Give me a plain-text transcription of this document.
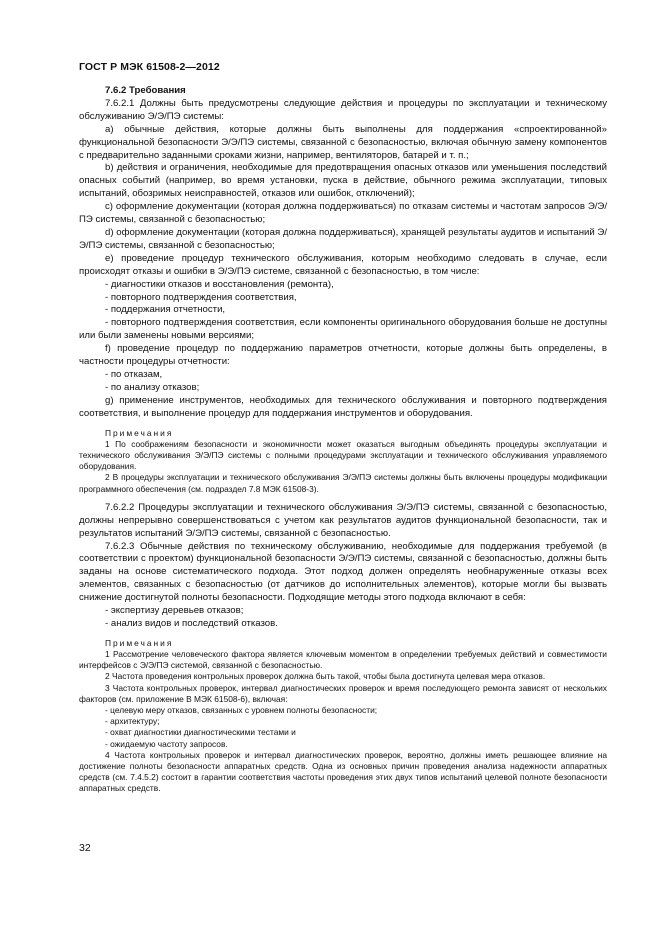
ГОСТ Р МЭК 61508-2—2012

7.6.2 Требования

7.6.2.1 Должны быть предусмотрены следующие действия и процедуры по эксплуатации и техническому обслуживанию Э/Э/ПЭ системы:

a) обычные действия, которые должны быть выполнены для поддержания «спроектированной» функциональной безопасности Э/Э/ПЭ системы, связанной с безопасностью, включая обычную замену компонентов с предварительно заданными сроками жизни, например, вентиляторов, батарей и т. п.;

b) действия и ограничения, необходимые для предотвращения опасных отказов или уменьшения последствий опасных событий (например, во время установки, пуска в действие, обычного режима эксплуатации, типовых испытаний, обозримых неисправностей, отказов или ошибок, отключений);

c) оформление документации (которая должна поддерживаться) по отказам системы и частотам запросов Э/Э/ПЭ системы, связанной с безопасностью;

d) оформление документации (которая должна поддерживаться), хранящей результаты аудитов и испытаний Э/Э/ПЭ системы, связанной с безопасностью;

e) проведение процедур технического обслуживания, которым необходимо следовать в случае, если происходят отказы и ошибки в Э/Э/ПЭ системе, связанной с безопасностью, в том числе:

- диагностики отказов и восстановления (ремонта),

- повторного подтверждения соответствия,

- поддержания отчетности,

- повторного подтверждения соответствия, если компоненты оригинального оборудования больше не доступны или были заменены новыми версиями;

f) проведение процедур по поддержанию параметров отчетности, которые должны быть определены, в частности процедуры отчетности:

- по отказам,

- по анализу отказов;

g) применение инструментов, необходимых для технического обслуживания и повторного подтверждения соответствия, и выполнение процедур для поддержания инструментов и оборудования.

Примечания

1 По соображениям безопасности и экономичности может оказаться выгодным объединять процедуры эксплуатации и технического обслуживания Э/Э/ПЭ системы с полными процедурами эксплуатации и технического обслуживания управляемого оборудования.

2 В процедуры эксплуатации и технического обслуживания Э/Э/ПЭ системы должны быть включены процедуры модификации программного обеспечения (см. подраздел 7.8 МЭК 61508-3).

7.6.2.2 Процедуры эксплуатации и технического обслуживания Э/Э/ПЭ системы, связанной с безопасностью, должны непрерывно совершенствоваться с учетом как результатов аудитов функциональной безопасности, так и результатов испытаний Э/Э/ПЭ системы, связанной с безопасностью.

7.6.2.3 Обычные действия по техническому обслуживанию, необходимые для поддержания требуемой (в соответствии с проектом) функциональной безопасности Э/Э/ПЭ системы, связанной с безопасностью, должны быть заданы на основе систематического подхода. Этот подход должен определять необнаруженные отказы всех элементов, связанных с безопасностью (от датчиков до исполнительных элементов), которые могли бы вызвать снижение достигнутой полноты безопасности. Подходящие методы этого подхода включают в себя:

- экспертизу деревьев отказов;

- анализ видов и последствий отказов.

Примечания

1 Рассмотрение человеческого фактора является ключевым моментом в определении требуемых действий и совместимости интерфейсов с Э/Э/ПЭ системой, связанной с безопасностью.

2 Частота проведения контрольных проверок должна быть такой, чтобы была достигнута целевая мера отказов.

3 Частота контрольных проверок, интервал диагностических проверок и время последующего ремонта зависят от нескольких факторов (см. приложение B МЭК 61508-6), включая:

- целевую меру отказов, связанных с уровнем полноты безопасности;

- архитектуру;

- охват диагностики диагностическими тестами и

- ожидаемую частоту запросов.

4 Частота контрольных проверок и интервал диагностических проверок, вероятно, должны иметь решающее влияние на достижение полноты безопасности аппаратных средств. Одна из основных причин проведения анализа надежности аппаратных средств (см. 7.4.5.2) состоит в гарантии соответствия частоты проведения этих двух типов испытаний целевой полноте безопасности аппаратных средств.

32
